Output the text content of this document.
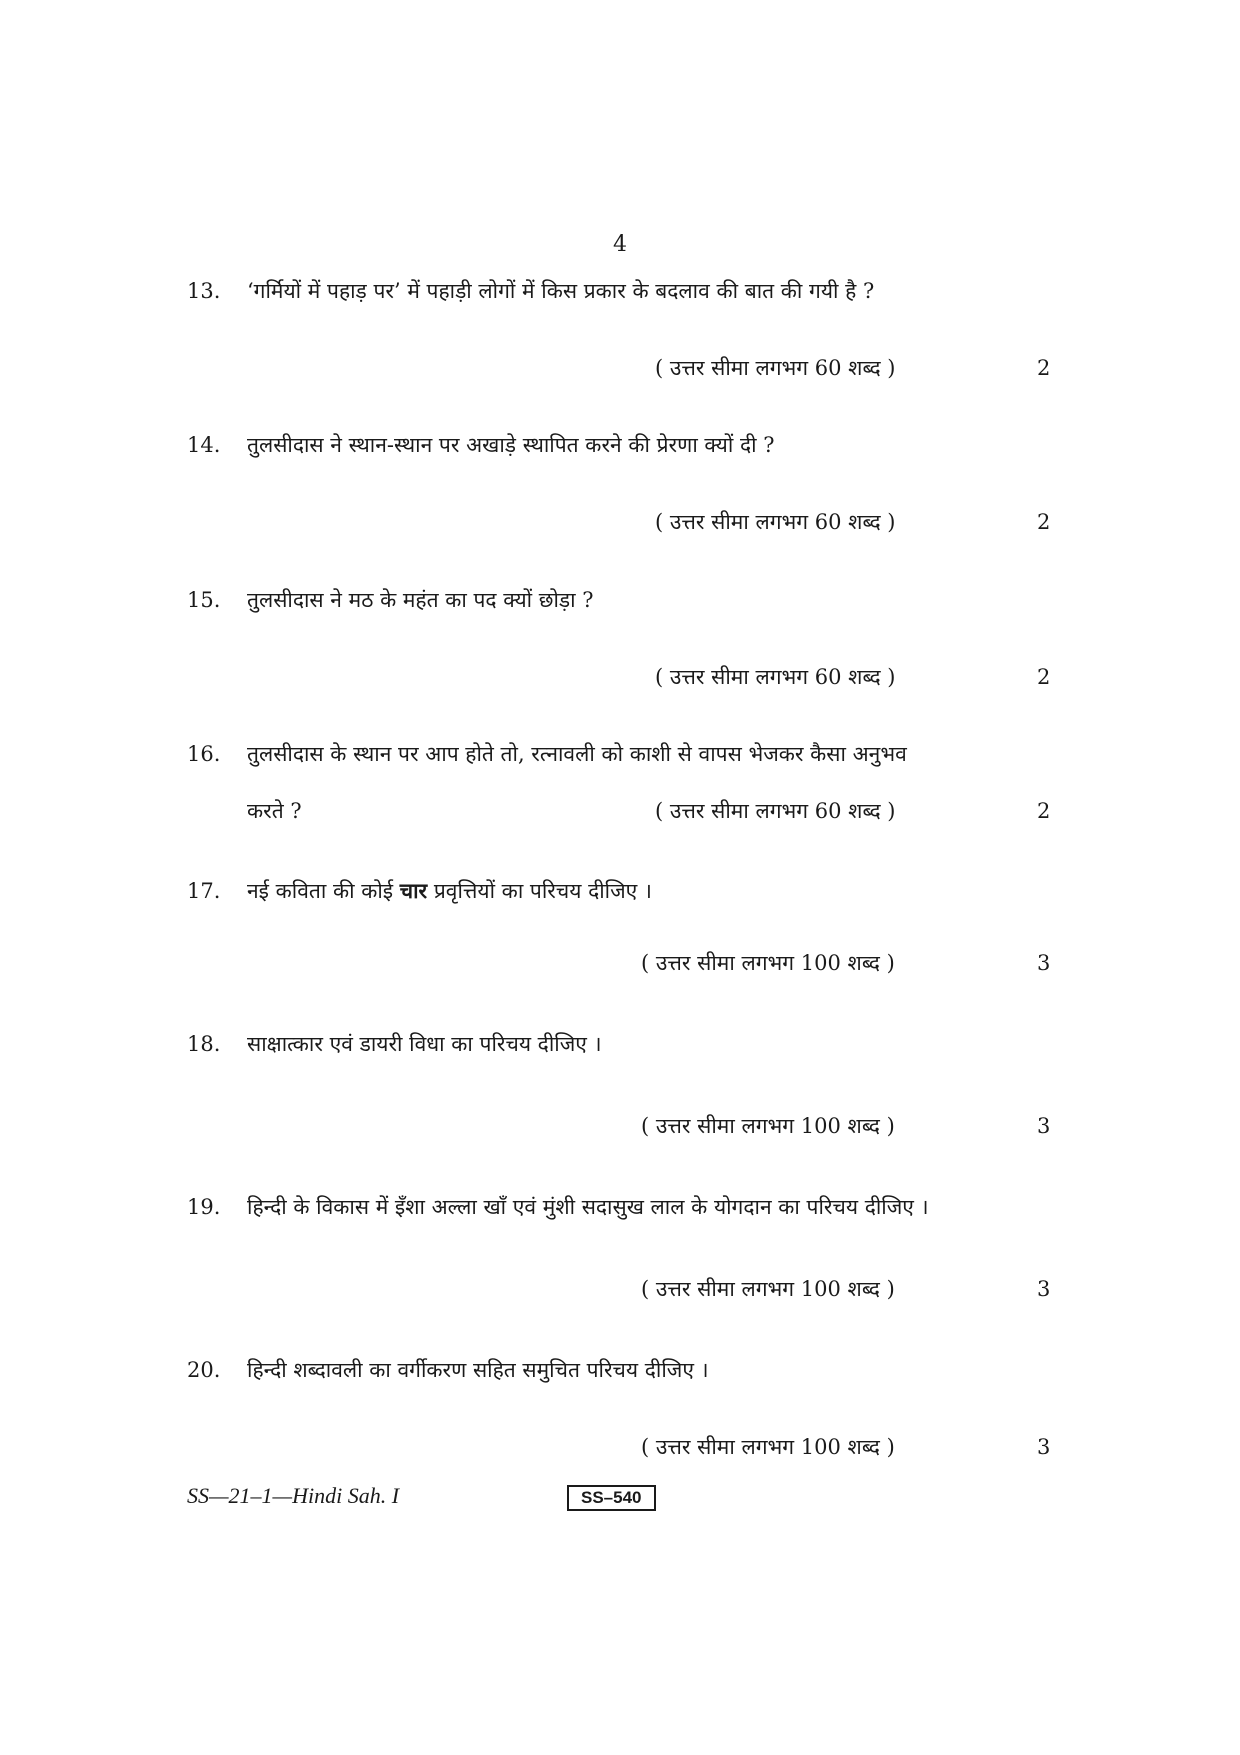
4
13. ‘गर्मियों में पहाड़ पर’ में पहाड़ी लोगों में किस प्रकार के बदलाव की बात की गयी है ?
( उत्तर सीमा लगभग 60 शब्द )	2
14. तुलसीदास ने स्थान-स्थान पर अखाड़े स्थापित करने की प्रेरणा क्यों दी ?
( उत्तर सीमा लगभग 60 शब्द )	2
15. तुलसीदास ने मठ के महंत का पद क्यों छोड़ा ?
( उत्तर सीमा लगभग 60 शब्द )	2
16. तुलसीदास के स्थान पर आप होते तो, रत्नावली को काशी से वापस भेजकर कैसा अनुभव
करते ?	( उत्तर सीमा लगभग 60 शब्द )	2
17. नई कविता की कोई चार प्रवृत्तियों का परिचय दीजिए ।
( उत्तर सीमा लगभग 100 शब्द )	3
18. साक्षात्कार एवं डायरी विधा का परिचय दीजिए ।
( उत्तर सीमा लगभग 100 शब्द )	3
19. हिन्दी के विकास में इँशा अल्ला खाँ एवं मुंशी सदासुख लाल के योगदान का परिचय दीजिए ।
( उत्तर सीमा लगभग 100 शब्द )	3
20. हिन्दी शब्दावली का वर्गीकरण सहित समुचित परिचय दीजिए ।
( उत्तर सीमा लगभग 100 शब्द )	3
SS—21–1—Hindi Sah. I	SS–540
